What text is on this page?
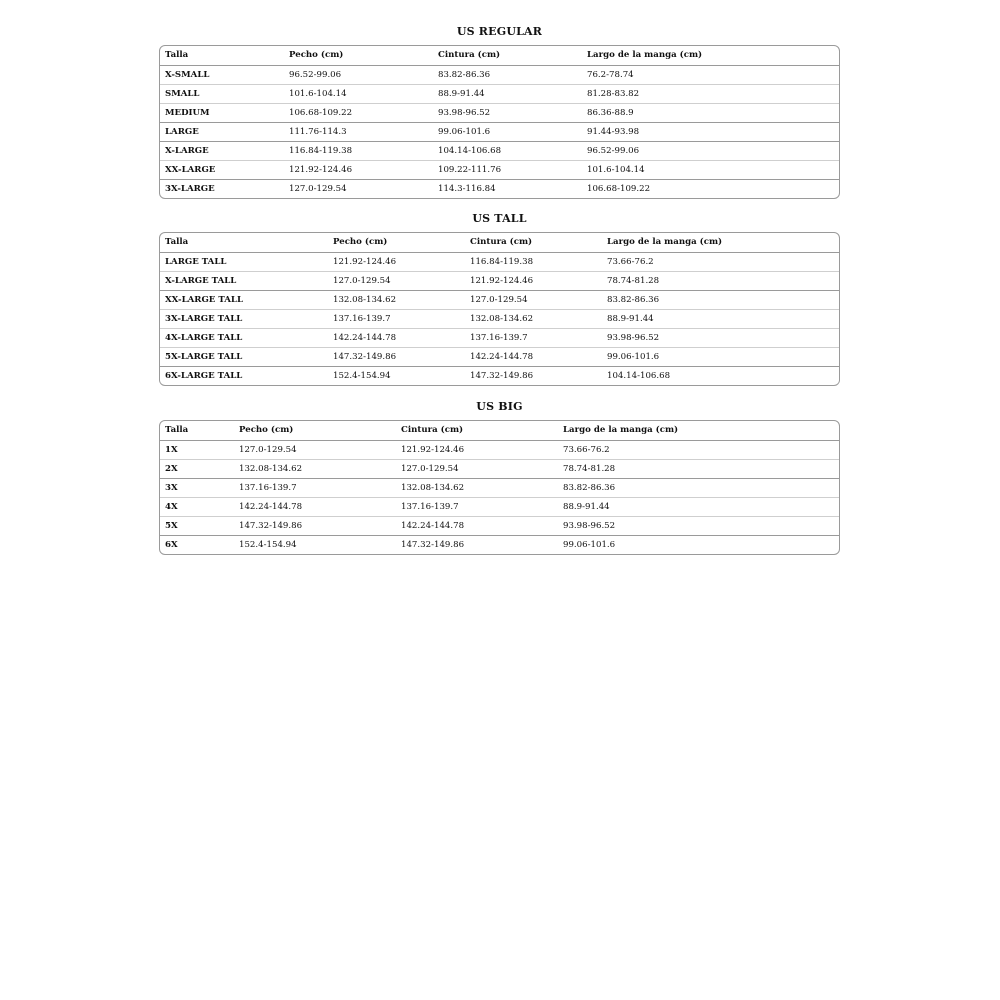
US REGULAR
Talla	Pecho (cm)	Cintura (cm)	Largo de la manga (cm)
X-SMALL	96.52-99.06	83.82-86.36	76.2-78.74
SMALL	101.6-104.14	88.9-91.44	81.28-83.82
MEDIUM	106.68-109.22	93.98-96.52	86.36-88.9
LARGE	111.76-114.3	99.06-101.6	91.44-93.98
X-LARGE	116.84-119.38	104.14-106.68	96.52-99.06
XX-LARGE	121.92-124.46	109.22-111.76	101.6-104.14
3X-LARGE	127.0-129.54	114.3-116.84	106.68-109.22
US TALL
Talla	Pecho (cm)	Cintura (cm)	Largo de la manga (cm)
LARGE TALL	121.92-124.46	116.84-119.38	73.66-76.2
X-LARGE TALL	127.0-129.54	121.92-124.46	78.74-81.28
XX-LARGE TALL	132.08-134.62	127.0-129.54	83.82-86.36
3X-LARGE TALL	137.16-139.7	132.08-134.62	88.9-91.44
4X-LARGE TALL	142.24-144.78	137.16-139.7	93.98-96.52
5X-LARGE TALL	147.32-149.86	142.24-144.78	99.06-101.6
6X-LARGE TALL	152.4-154.94	147.32-149.86	104.14-106.68
US BIG
Talla	Pecho (cm)	Cintura (cm)	Largo de la manga (cm)
1X	127.0-129.54	121.92-124.46	73.66-76.2
2X	132.08-134.62	127.0-129.54	78.74-81.28
3X	137.16-139.7	132.08-134.62	83.82-86.36
4X	142.24-144.78	137.16-139.7	88.9-91.44
5X	147.32-149.86	142.24-144.78	93.98-96.52
6X	152.4-154.94	147.32-149.86	99.06-101.6
